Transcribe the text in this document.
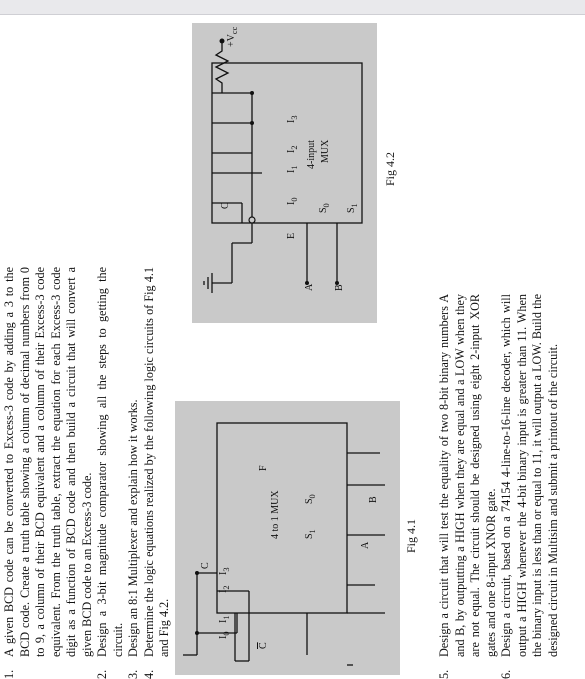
1.
A given BCD code can be converted to Excess-3 code by adding a 3 to the BCD code. Create a truth table showing a column of decimal numbers from 0 to 9, a column of their BCD equivalent and a column of their Excess-3 code equivalent. From the truth table, extract the equation for each Excess-3 code digit as a function of BCD code and then build a circuit that will convert a given BCD code to an Excess-3 code.
2.
Design a 3-bit magnitude comparator showing all the steps to getting the circuit.
3.
Design an 8:1 Multiplexer and explain how it works.
4.
Determine the logic equations realized by the following logic circuits of Fig 4.1 and Fig 4.2.
Fig 4.1
Fig 4.2
5.
Design a circuit that will test the equality of two 8-bit binary numbers A and B, by outputting a HIGH when they are equal and a LOW when they are not equal. The circuit should be designed using eight 2-input XOR gates and one 8-input XNOR gate.
6.
Design a circuit, based on a 74154 4-line-to-16-line decoder, which will output a HIGH whenever the 4-bit binary input is greater than 11. When the binary input is less than or equal to 11, it will output a LOW. Build the designed circuit in Multisim and submit a printout of the circuit.
C
$\overline{C}$
$I_0$
$I_1$
$I_2$
$I_3$
4 to 1 MUX $S_1$
$S_0$
F
A
B
$+V_{cc}$
C
E
$I_0$
$I_1$
$I_2$
$I_3$
4-input MUX
$S_0$
$S_1$
A B
